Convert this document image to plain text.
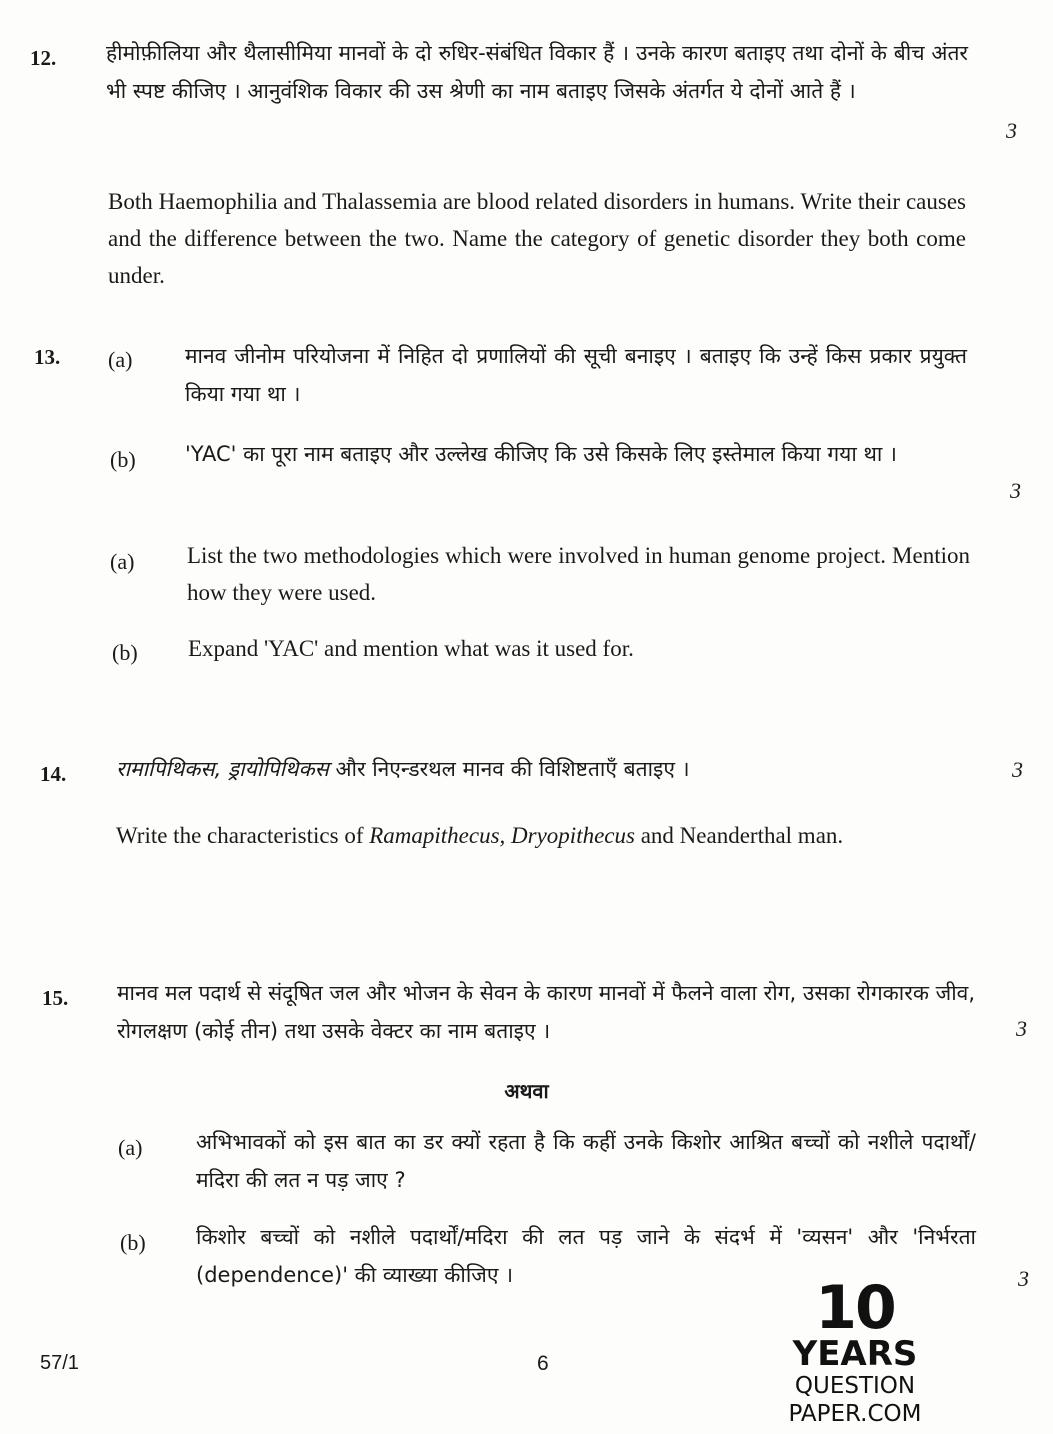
12. हीमोफ़ीलिया और थैलासीमिया मानवों के दो रुधिर-संबंधित विकार हैं । उनके कारण बताइए तथा दोनों के बीच अंतर भी स्पष्ट कीजिए । आनुवंशिक विकार की उस श्रेणी का नाम बताइए जिसके अंतर्गत ये दोनों आते हैं ।
3
Both Haemophilia and Thalassemia are blood related disorders in humans. Write their causes and the difference between the two. Name the category of genetic disorder they both come under.
13. (a)	मानव जीनोम परियोजना में निहित दो प्रणालियों की सूची बनाइए । बताइए कि उन्हें किस प्रकार प्रयुक्त किया गया था ।
(b) 'YAC' का पूरा नाम बताइए और उल्लेख कीजिए कि उसे किसके लिए इस्तेमाल किया गया था ।
3
(a) List the two methodologies which were involved in human genome project. Mention how they were used.
(b) Expand 'YAC' and mention what was it used for.
14. रामापिथिकस, ड्रायोपिथिकस और निएन्डरथल मानव की विशिष्टताएँ बताइए ।	3
Write the characteristics of Ramapithecus, Dryopithecus and Neanderthal man.
15. मानव मल पदार्थ से संदूषित जल और भोजन के सेवन के कारण मानवों में फैलने वाला रोग, उसका रोगकारक जीव, रोगलक्षण (कोई तीन) तथा उसके वेक्टर का नाम बताइए ।	3
अथवा
(a)	अभिभावकों को इस बात का डर क्यों रहता है कि कहीं उनके किशोर आश्रित बच्चों को नशीले पदार्थों/मदिरा की लत न पड़ जाए ?
(b) किशोर बच्चों को नशीले पदार्थों/मदिरा की लत पड़ जाने के संदर्भ में 'व्यसन' और 'निर्भरता (dependence)' की व्याख्या कीजिए ।	3
57/1	6
10
YEARS
QUESTION PAPER.COM
